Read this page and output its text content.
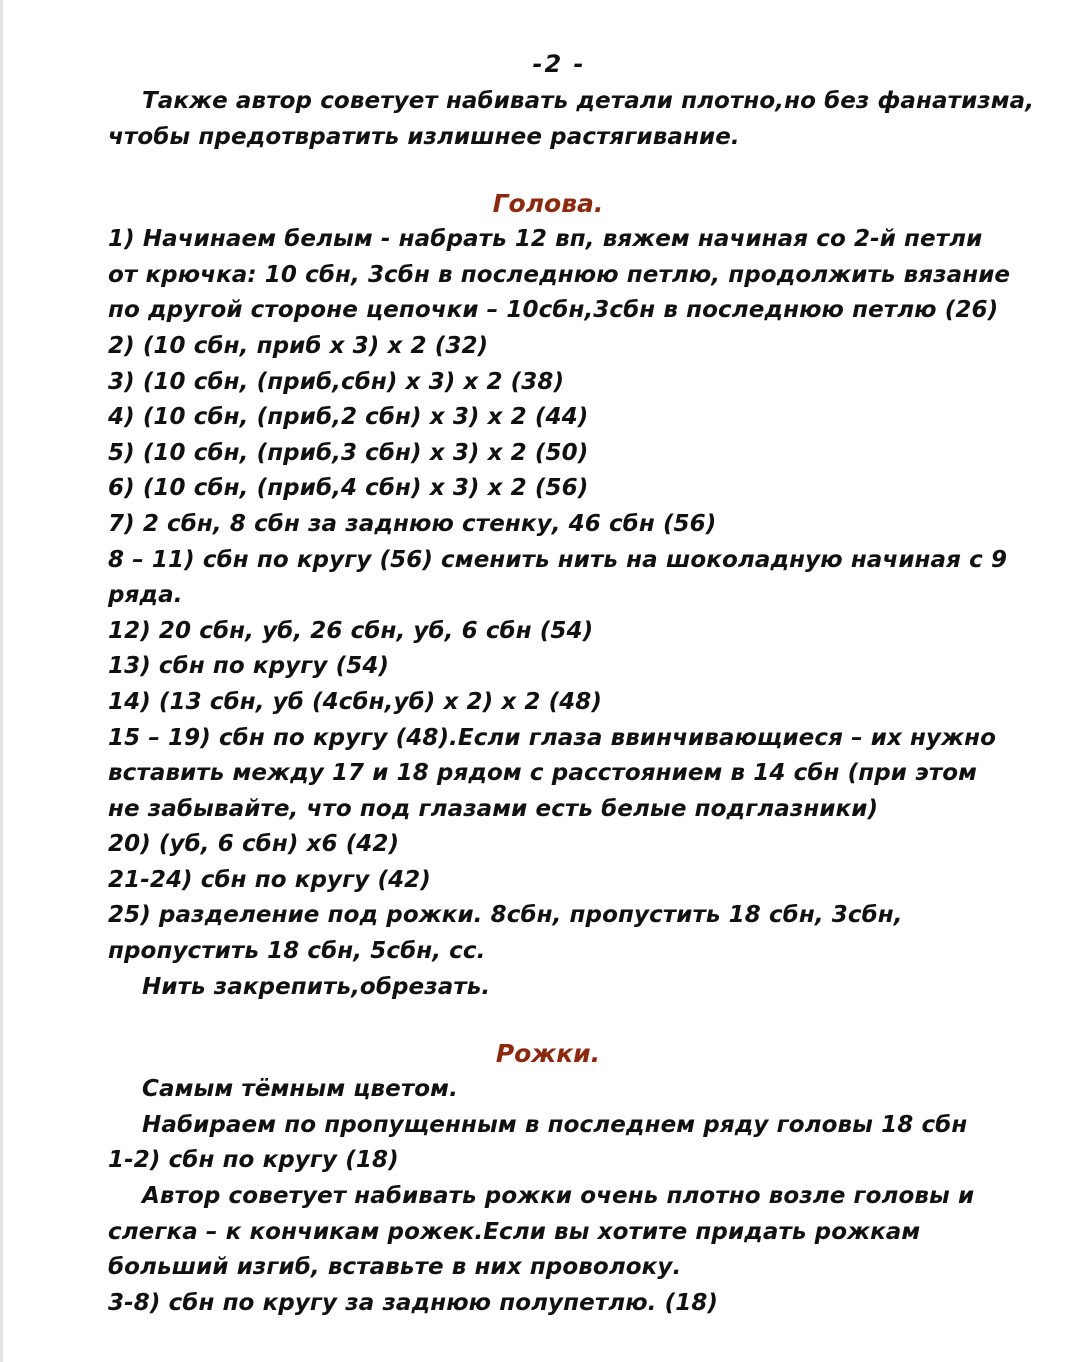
-2 -
Также автор советует набивать детали плотно,но без фанатизма,
чтобы предотвратить излишнее растягивание.
Голова.
1) Начинаем белым - набрать 12 вп, вяжем начиная со 2-й петли
от крючка: 10 сбн, 3сбн в последнюю петлю, продолжить вязание
по другой стороне цепочки – 10сбн,3сбн в последнюю петлю (26)
2) (10 сбн, приб х 3) х 2 (32)
3) (10 сбн, (приб,сбн) х 3) х 2 (38)
4) (10 сбн, (приб,2 сбн) х 3) х 2 (44)
5) (10 сбн, (приб,3 сбн) х 3) х 2 (50)
6) (10 сбн, (приб,4 сбн) х 3) х 2 (56)
7) 2 сбн, 8 сбн за заднюю стенку, 46 сбн (56)
8 – 11) сбн по кругу (56) сменить нить на шоколадную начиная с 9
ряда.
12) 20 сбн, уб, 26 сбн, уб, 6 сбн (54)
13) сбн по кругу (54)
14) (13 сбн, уб (4сбн,уб) х 2) х 2 (48)
15 – 19) сбн по кругу (48).Если глаза ввинчивающиеся – их нужно
вставить между 17 и 18 рядом с расстоянием в 14 сбн (при этом
не забывайте, что под глазами есть белые подглазники)
20) (уб, 6 сбн) х6 (42)
21-24) сбн по кругу (42)
25) разделение под рожки. 8сбн, пропустить 18 сбн, 3сбн,
пропустить 18 сбн, 5сбн, сс.
Нить закрепить,обрезать.
Рожки.
Самым тёмным цветом.
Набираем по пропущенным в последнем ряду головы 18 сбн
1-2) сбн по кругу (18)
Автор советует набивать рожки очень плотно возле головы и
слегка – к кончикам рожек.Если вы хотите придать рожкам
больший изгиб, вставьте в них проволоку.
3-8) сбн по кругу за заднюю полупетлю. (18)
